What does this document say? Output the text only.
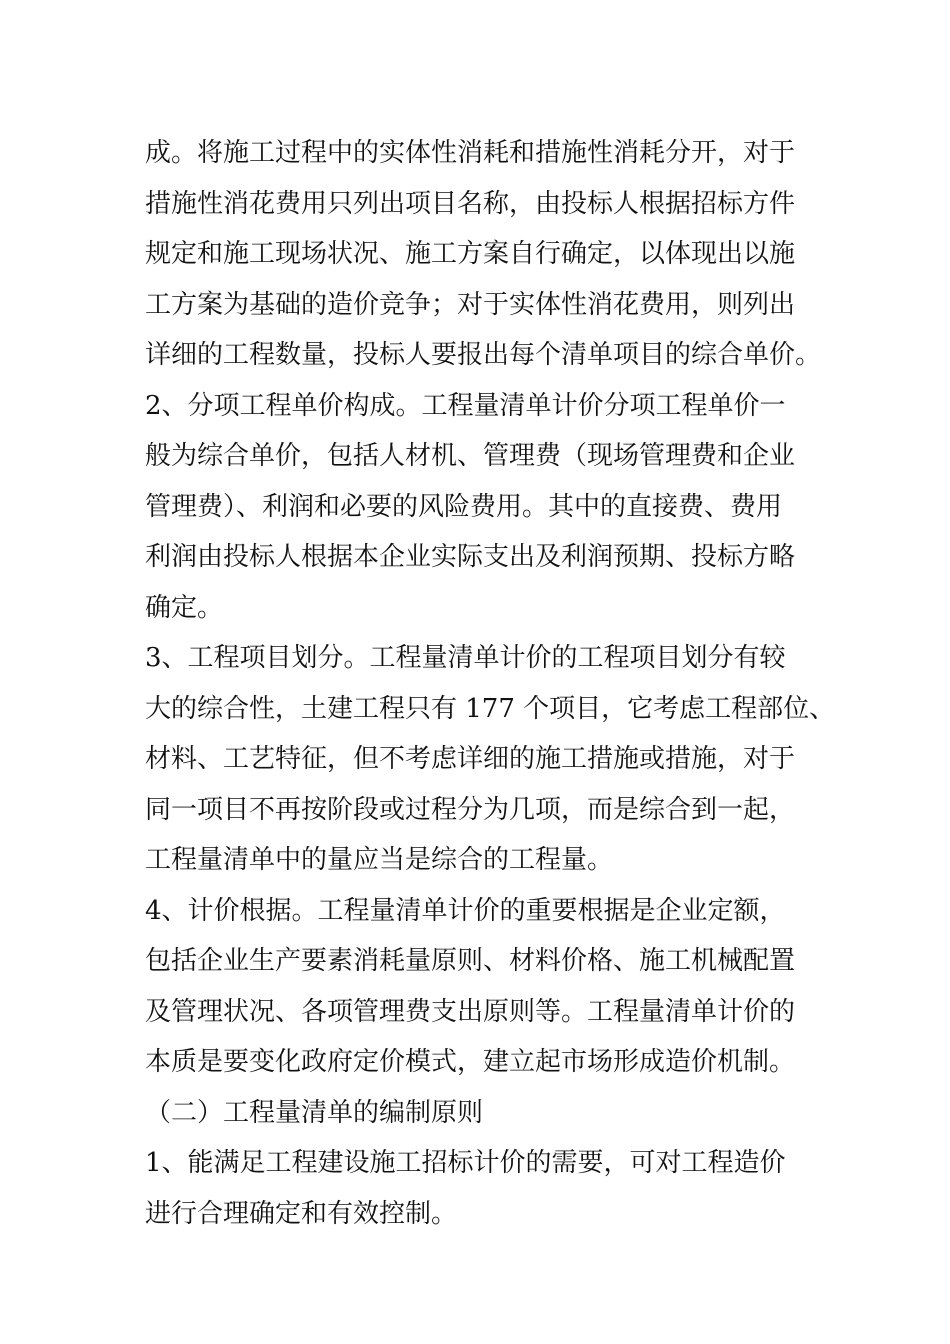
成。将施工过程中的实体性消耗和措施性消耗分开，对于
措施性消花费用只列出项目名称，由投标人根据招标方件
规定和施工现场状况、施工方案自行确定，以体现出以施
工方案为基础的造价竞争；对于实体性消花费用，则列出
详细的工程数量，投标人要报出每个清单项目的综合单价。
2、分项工程单价构成。工程量清单计价分项工程单价一
般为综合单价，包括人材机、管理费（现场管理费和企业
管理费）、利润和必要的风险费用。其中的直接费、费用
利润由投标人根据本企业实际支出及利润预期、投标方略
确定。
3、工程项目划分。工程量清单计价的工程项目划分有较
大的综合性，土建工程只有 177 个项目，它考虑工程部位、
材料、工艺特征，但不考虑详细的施工措施或措施，对于
同一项目不再按阶段或过程分为几项，而是综合到一起，
工程量清单中的量应当是综合的工程量。
4、计价根据。工程量清单计价的重要根据是企业定额，
包括企业生产要素消耗量原则、材料价格、施工机械配置
及管理状况、各项管理费支出原则等。工程量清单计价的
本质是要变化政府定价模式，建立起市场形成造价机制。
（二）工程量清单的编制原则
1、能满足工程建设施工招标计价的需要，可对工程造价
进行合理确定和有效控制。
